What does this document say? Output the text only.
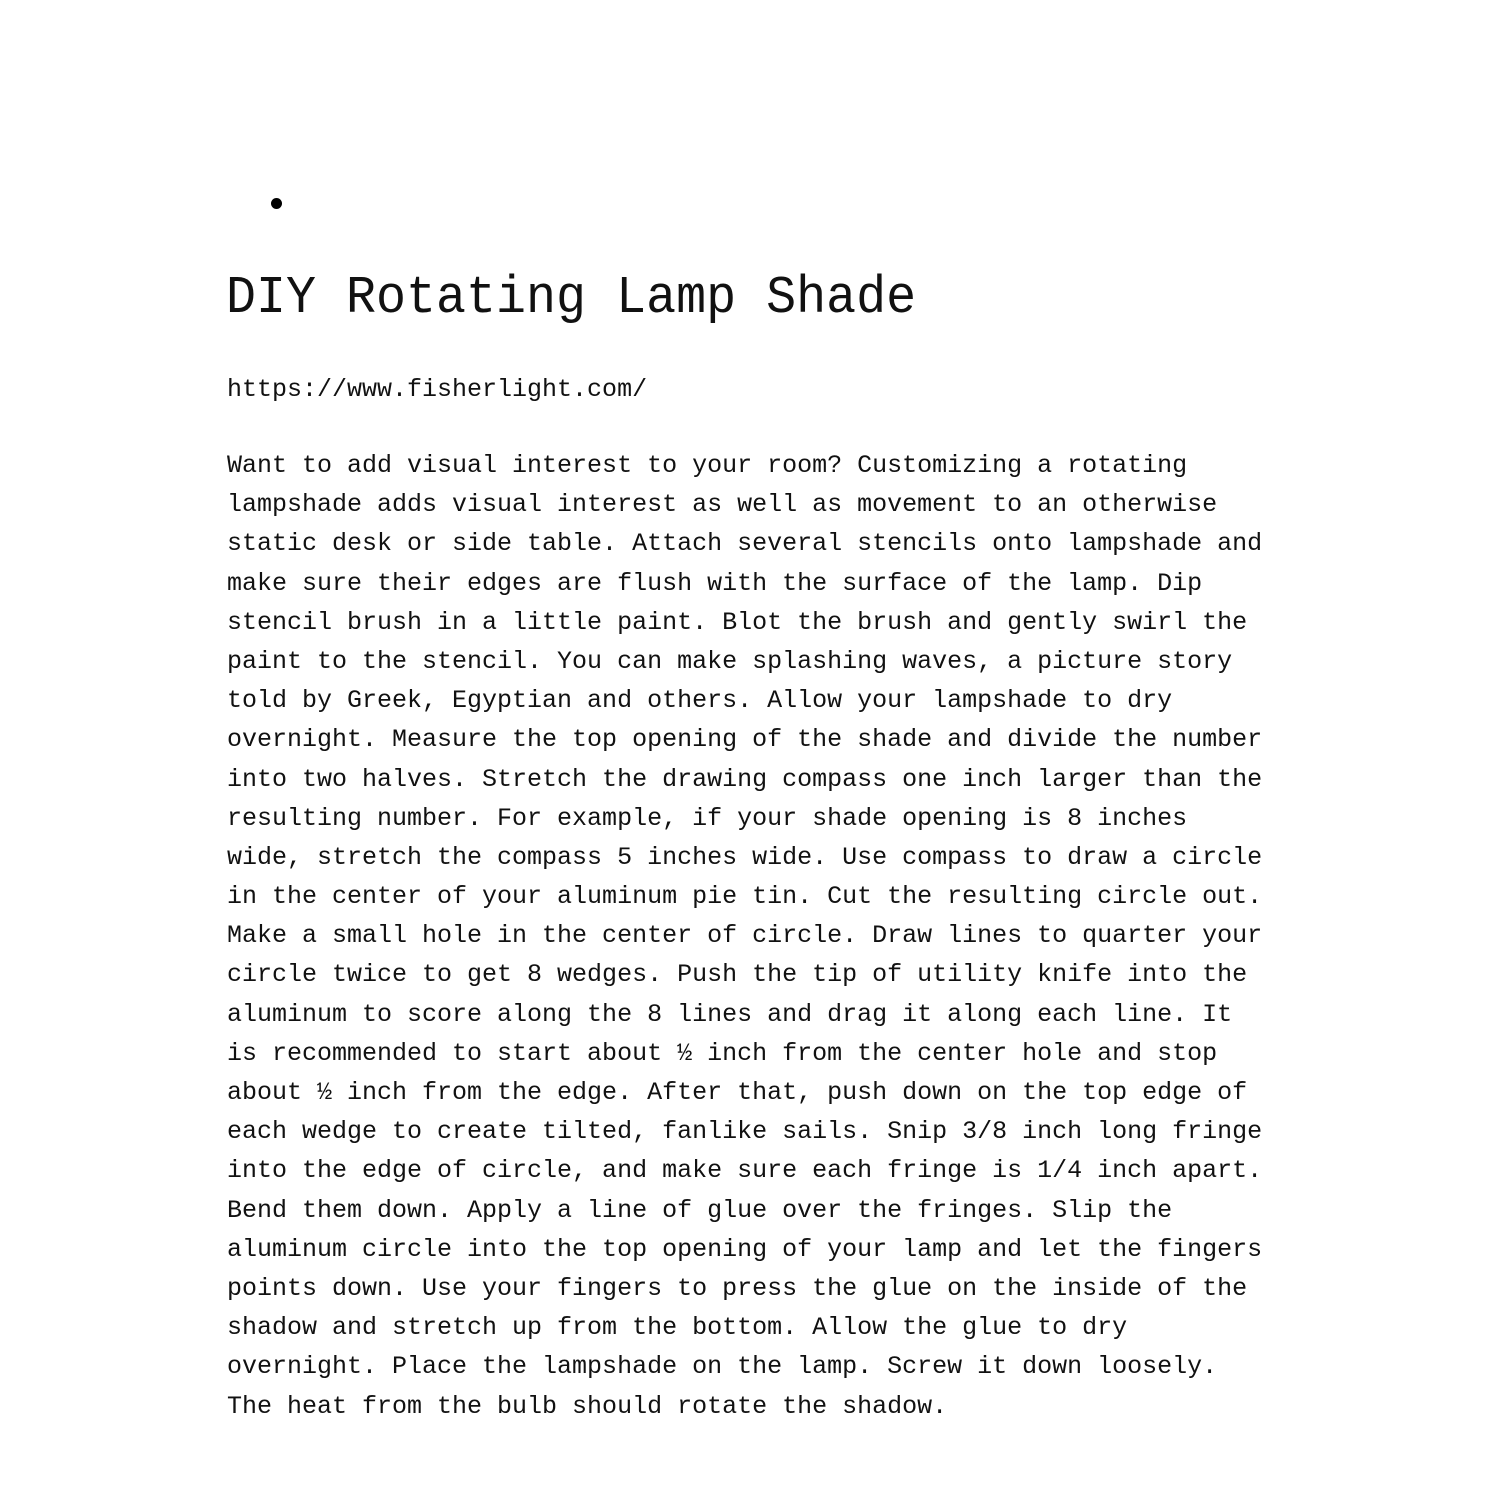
DIY Rotating Lamp Shade
https://www.fisherlight.com/
Want to add visual interest to your room? Customizing a rotating
lampshade adds visual interest as well as movement to an otherwise
static desk or side table. Attach several stencils onto lampshade and
make sure their edges are flush with the surface of the lamp. Dip
stencil brush in a little paint. Blot the brush and gently swirl the
paint to the stencil. You can make splashing waves, a picture story
told by Greek, Egyptian and others. Allow your lampshade to dry
overnight. Measure the top opening of the shade and divide the number
into two halves. Stretch the drawing compass one inch larger than the
resulting number. For example, if your shade opening is 8 inches
wide, stretch the compass 5 inches wide. Use compass to draw a circle
in the center of your aluminum pie tin. Cut the resulting circle out.
Make a small hole in the center of circle. Draw lines to quarter your
circle twice to get 8 wedges. Push the tip of utility knife into the
aluminum to score along the 8 lines and drag it along each line. It
is recommended to start about ½ inch from the center hole and stop
about ½ inch from the edge. After that, push down on the top edge of
each wedge to create tilted, fanlike sails. Snip 3/8 inch long fringe
into the edge of circle, and make sure each fringe is 1/4 inch apart.
Bend them down. Apply a line of glue over the fringes. Slip the
aluminum circle into the top opening of your lamp and let the fingers
points down. Use your fingers to press the glue on the inside of the
shadow and stretch up from the bottom. Allow the glue to dry
overnight. Place the lampshade on the lamp. Screw it down loosely.
The heat from the bulb should rotate the shadow.
